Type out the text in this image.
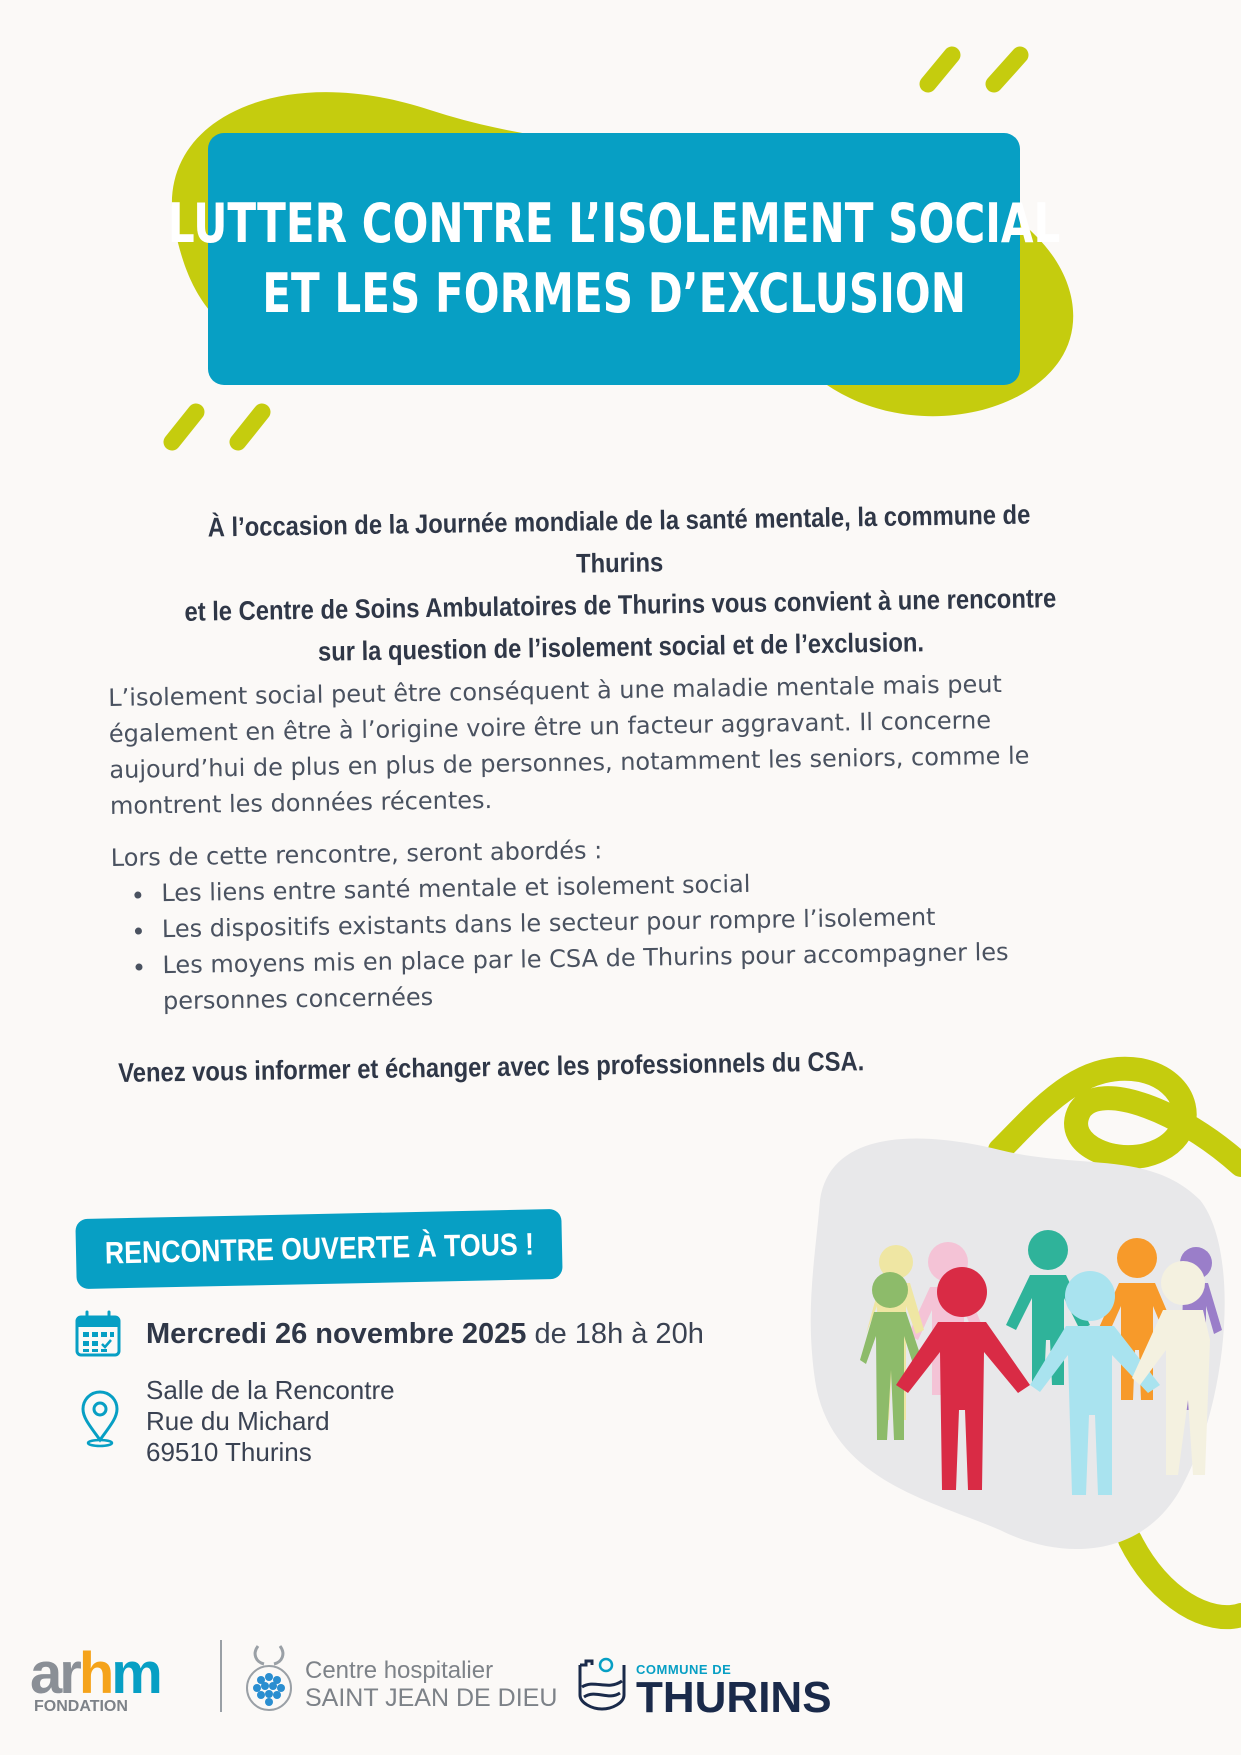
LUTTER CONTRE L’ISOLEMENT SOCIAL
ET LES FORMES D’EXCLUSION
À l’occasion de la Journée mondiale de la santé mentale, la commune de Thurins
et le Centre de Soins Ambulatoires de Thurins vous convient à une rencontre
sur la question de l’isolement social et de l’exclusion.

L’isolement social peut être conséquent à une maladie mentale mais peut également en être à l’origine voire être un facteur aggravant. Il concerne aujourd’hui de plus en plus de personnes, notamment les seniors, comme le montrent les données récentes.

Lors de cette rencontre, seront abordés :

• Les liens entre santé mentale et isolement social
• Les dispositifs existants dans le secteur pour rompre l’isolement
• Les moyens mis en place par le CSA de Thurins pour accompagner les personnes concernées
Venez vous informer et échanger avec les professionnels du CSA.
RENCONTRE OUVERTE À TOUS !
Mercredi 26 novembre 2025 de 18h à 20h
Salle de la Rencontre
Rue du Michard
69510 Thurins
arhm
FONDATION
Centre hospitalier
SAINT JEAN DE DIEU
COMMUNE DE
THURINS
